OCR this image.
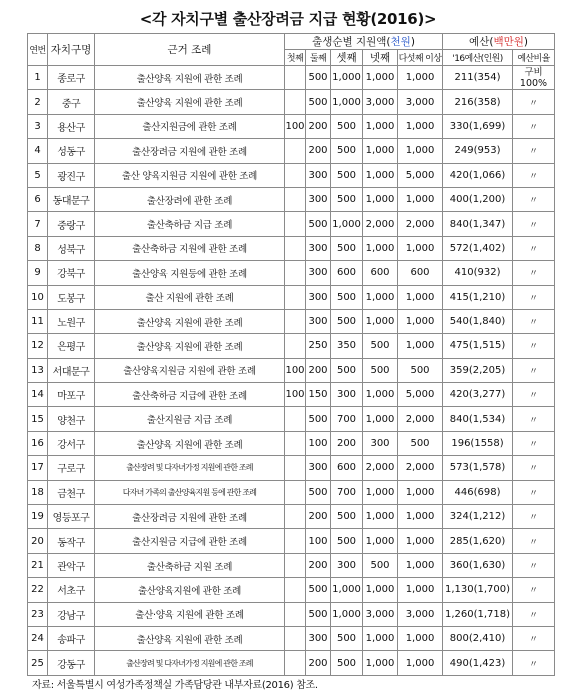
<각 자치구별 출산장려금 지급 현황(2016)>
연번	자치구명	근거 조례	출생순별 지원액(천원)					예산(백만원)	
			첫째	둘째	셋째	넷째	다섯째 이상	'16예산(인원)	예산비율
1	종로구	출산양육 지원에 관한 조례		500	1,000	1,000	1,000	211(354)	구비
100%

2	중구	출산양육 지원에 관한 조례		500	1,000	3,000	3,000	216(358)	〃
3	용산구	출산지원금에 관한 조례	100	200	500	1,000	1,000	330(1,699)	〃
4	성동구	출산장려금 지원에 관한 조례		200	500	1,000	1,000	249(953)	〃
5	광진구	출산 양육지원금 지원에 관한 조례		300	500	1,000	5,000	420(1,066)	〃
6	동대문구	출산장려에 관한 조례		300	500	1,000	1,000	400(1,200)	〃
7	중랑구	출산축하금 지급 조례		500	1,000	2,000	2,000	840(1,347)	〃
8	성북구	출산축하금 지원에 관한 조례		300	500	1,000	1,000	572(1,402)	〃
9	강북구	출산양육 지원등에 관한 조례		300	600	600	600	410(932)	〃
10	도봉구	출산 지원에 관한 조례		300	500	1,000	1,000	415(1,210)	〃
11	노원구	출산양육 지원에 관한 조례		300	500	1,000	1,000	540(1,840)	〃
12	은평구	출산양육 지원에 관한 조례		250	350	500	1,000	475(1,515)	〃
13	서대문구	출산양육지원금 지원에 관한 조례	100	200	500	500	500	359(2,205)	〃
14	마포구	출산축하금 지급에 관한 조례	100	150	300	1,000	5,000	420(3,277)	〃
15	양천구	출산지원금 지급 조례		500	700	1,000	2,000	840(1,534)	〃
16	강서구	출산양육 지원에 관한 조례		100	200	300	500	196(1558)	〃
17	구로구	출산장려 및 다자녀가정 지원에 관한 조례		300	600	2,000	2,000	573(1,578)	〃
18	금천구	다자녀 가족의 출산양육지원 등에 관한 조례		500	700	1,000	1,000	446(698)	〃
19	영등포구	출산장려금 지원에 관한 조례		200	500	1,000	1,000	324(1,212)	〃
20	동작구	출산지원금 지급에 관한 조례		100	500	1,000	1,000	285(1,620)	〃
21	관악구	출산축하금 지원 조례		200	300	500	1,000	360(1,630)	〃
22	서초구	출산양육지원에 관한 조례		500	1,000	1,000	1,000	1,130(1,700)	〃
23	강남구	출산·양육 지원에 관한 조례		500	1,000	3,000	3,000	1,260(1,718)	〃
24	송파구	출산양육 지원에 관한 조례		300	500	1,000	1,000	800(2,410)	〃
25	강동구	출산장려 및 다자녀가정 지원에 관한 조례		200	500	1,000	1,000	490(1,423)	〃
자료: 서울특별시 여성가족정책실 가족담당관 내부자료(2016) 참조.
